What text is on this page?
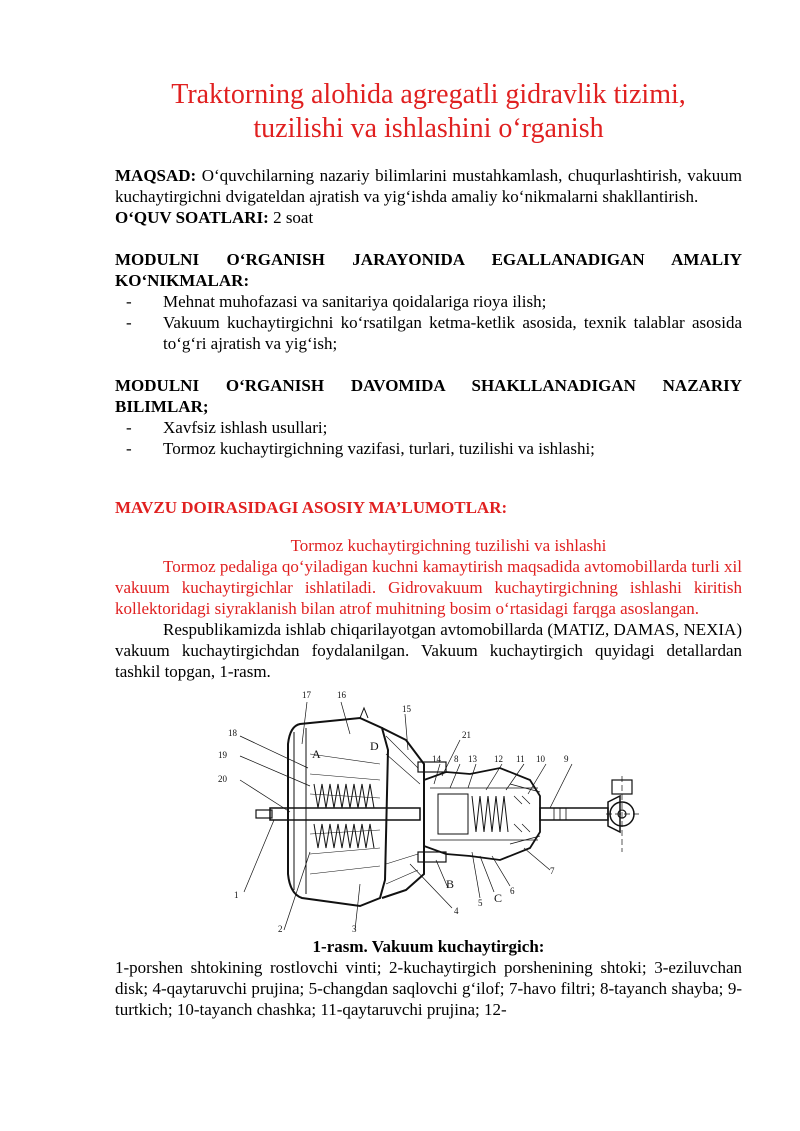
Traktorning alohida agregatli gidravlik tizimi,
tuzilishi va ishlashini o‘rganish

MAQSAD: O‘quvchilarning nazariy bilimlarini mustahkamlash, chuqurlashtirish, vakuum kuchaytirgichni dvigateldan ajratish va yig‘ishda amaliy ko‘nikmalarni shakllantirish.

O‘QUV SOATLARI: 2 soat

MODULNI O‘RGANISH JARAYONIDA EGALLANADIGAN AMALIY KO‘NIKMALAR:

- Mehnat muhofazasi va sanitariya qoidalariga rioya ilish;
- Vakuum kuchaytirgichni ko‘rsatilgan ketma-ketlik asosida, texnik talablar asosida to‘g‘ri ajratish va yig‘ish;

MODULNI O‘RGANISH DAVOMIDA SHAKLLANADIGAN NAZARIY BILIMLAR;

- Xavfsiz ishlash usullari;
- Tormoz kuchaytirgichning vazifasi, turlari, tuzilishi va ishlashi;

MAVZU DOIRASIDAGI ASOSIY MA’LUMOTLAR:

Tormoz kuchaytirgichning tuzilishi va ishlashi

Tormoz pedaliga qo‘yiladigan kuchni kamaytirish maqsadida avtomobillarda turli xil vakuum kuchaytirgichlar ishlatiladi. Gidrovakuum kuchaytirgichning ishlashi kiritish kollektoridagi siyraklanish bilan atrof muhitning bosim o‘rtasidagi farqga asoslangan.

Respublikamizda ishlab chiqarilayotgan avtomobillarda (MATIZ, DAMAS, NEXIA) vakuum kuchaytirgichdan foydalanilgan. Vakuum kuchaytirgich quyidagi detallardan tashkil topgan, 1-rasm.

17	16
15
18	21
19	14 8 13 12 11 10 9
20
1
2	3
4
5
6
7
A
D
B
C

1-rasm. Vakuum kuchaytirgich:

1-porshen shtokining rostlovchi vinti; 2-kuchaytirgich porshenining shtoki; 3-eziluvchan disk; 4-qaytaruvchi prujina; 5-changdan saqlovchi g‘ilof; 7-havo filtri; 8-tayanch shayba; 9-turtkich; 10-tayanch chashka; 11-qaytaruvchi prujina; 12-
